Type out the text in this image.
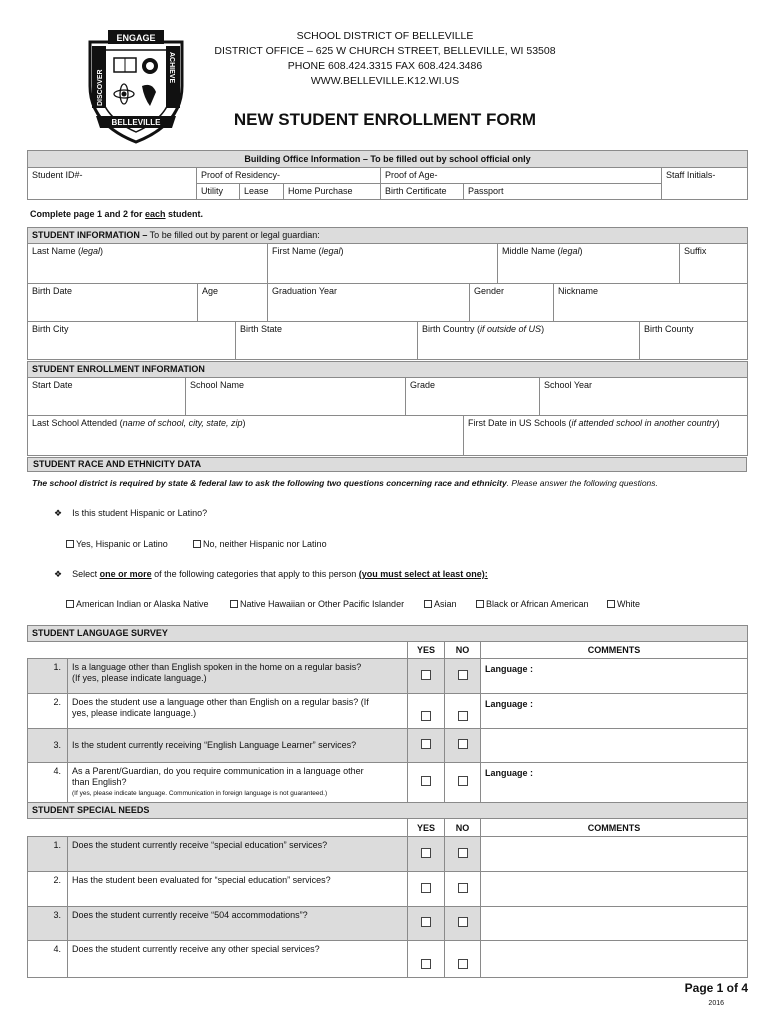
ENGAGE
BELLEVILLE
DISCOVER
ACHIEVE
SCHOOL DISTRICT OF BELLEVILLE
DISTRICT OFFICE – 625 W CHURCH STREET, BELLEVILLE, WI 53508
PHONE 608.424.3315 FAX 608.424.3486
WWW.BELLEVILLE.K12.WI.US
NEW STUDENT ENROLLMENT FORM
Building Office Information – To be filled out by school official only						
Student ID#-	Proof of Residency-			Proof of Age-		Staff Initials-
	Utility	Lease	Home Purchase	Birth Certificate	Passport	
Complete page 1 and 2 for each student.
STUDENT INFORMATION – To be filled out by parent or legal guardian:									
Last Name (legal)			First Name (legal)			Middle Name (legal)			Suffix
Birth Date	Age		Graduation Year		Gender		Nickname		
Birth City		Birth State		Birth Country (if outside of US)				Birth County	
STUDENT ENROLLMENT INFORMATION				
Start Date	School Name	Grade		School Year
Last School Attended (name of school, city, state, zip)			First Date in US Schools (if attended school in another country)	
STUDENT RACE AND ETHNICITY DATA
The school district is required by state & federal law to ask the following two questions concerning race and ethnicity. Please answer the following questions.
❖ Is this student Hispanic or Latino?
Yes, Hispanic or Latino	No, neither Hispanic nor Latino
❖ Select one or more of the following categories that apply to this person (you must select at least one):
American Indian or Alaska Native	Native Hawaiian or Other Pacific Islander	Asian	Black or African American	White
STUDENT LANGUAGE SURVEY				
		YES	NO	COMMENTS
1.	Is a language other than English spoken in the home on a regular basis?
(If yes, please indicate language.)			Language :
2.	Does the student use a language other than English on a regular basis? (If
yes, please indicate language.)			Language :
3.	Is the student currently receiving “English Language Learner” services?			
4.	As a Parent/Guardian, do you require communication in a language other
than English?
(If yes, please indicate language. Communication in foreign language is not guaranteed.)			Language :
STUDENT SPECIAL NEEDS				
		YES	NO	COMMENTS
1.	Does the student currently receive “special education” services?			
2.	Has the student been evaluated for “special education” services?			
3.	Does the student currently receive “504 accommodations”?			
4.	Does the student currently receive any other special services?			
Page 1 of 4
2016
